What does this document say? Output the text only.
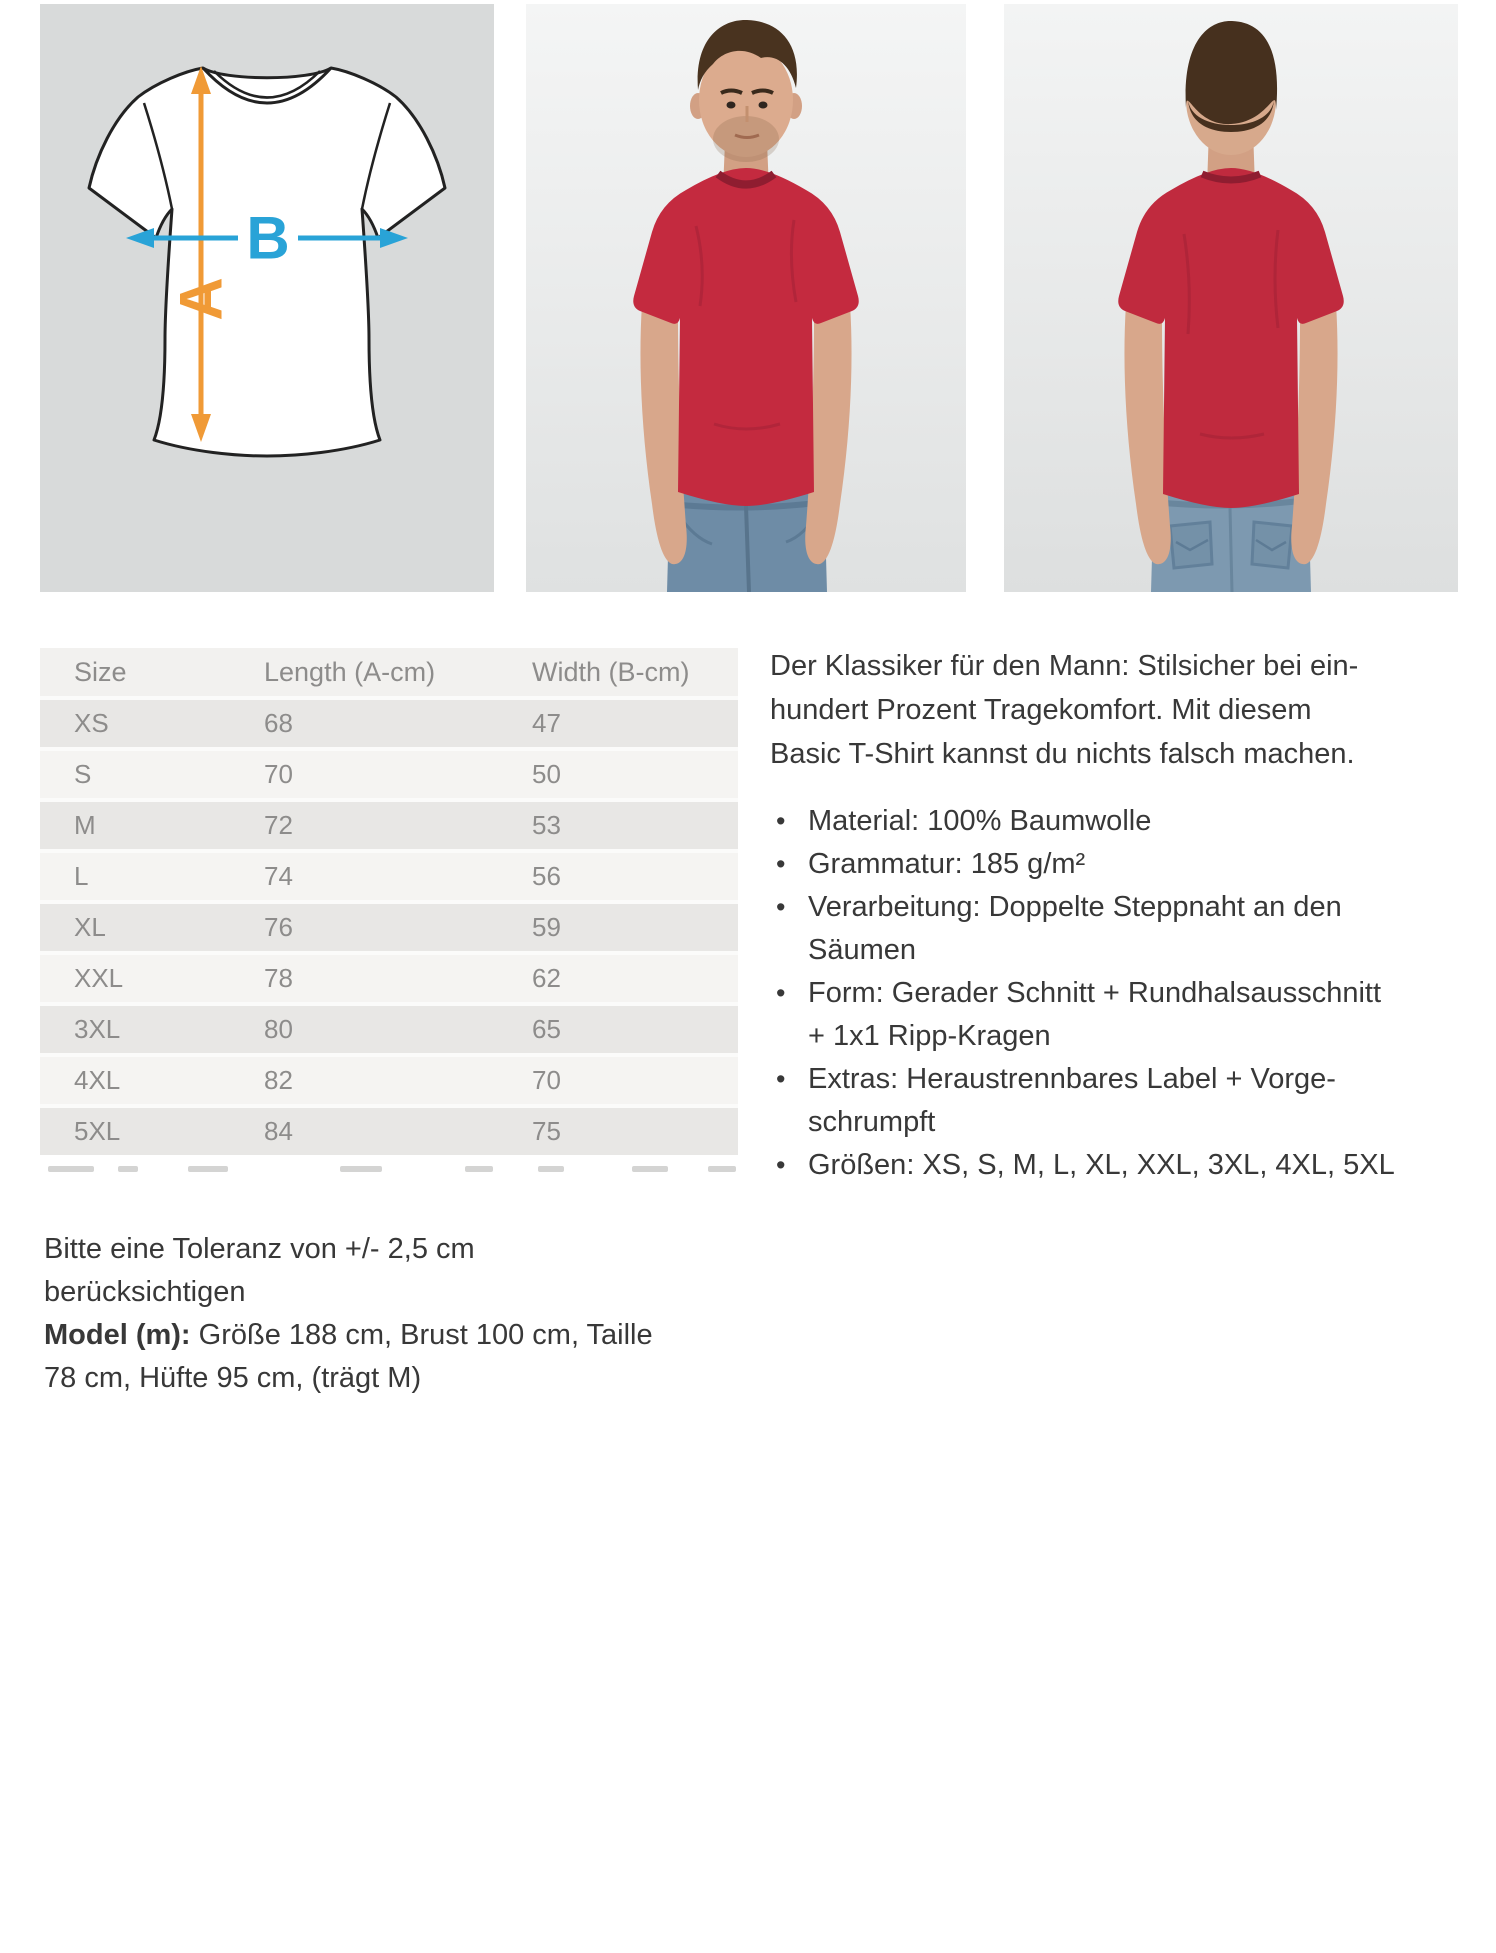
A
B
Size	Length (A-cm)	Width (B-cm)
XS	68	47
S	70	50
M	72	53
L	74	56
XL	76	59
XXL	78	62
3XL	80	65
4XL	82	70
5XL	84	75

Der Klassiker für den Mann: Stilsicher bei ein-
hundert Prozent Tragekomfort. Mit diesem
Basic T-Shirt kannst du nichts falsch machen.

• Material: 100% Baumwolle
• Grammatur: 185 g/m²
• Verarbeitung: Doppelte Steppnaht an den
Säumen
• Form: Gerader Schnitt + Rundhalsausschnitt
+ 1x1 Ripp-Kragen
• Extras: Heraustrennbares Label + Vorge-
schrumpft
• Größen: XS, S, M, L, XL, XXL, 3XL, 4XL, 5XL

Bitte eine Toleranz von +/- 2,5 cm berücksichtigen

Model (m): Größe 188 cm, Brust 100 cm, Taille
78 cm, Hüfte 95 cm, (trägt M)
